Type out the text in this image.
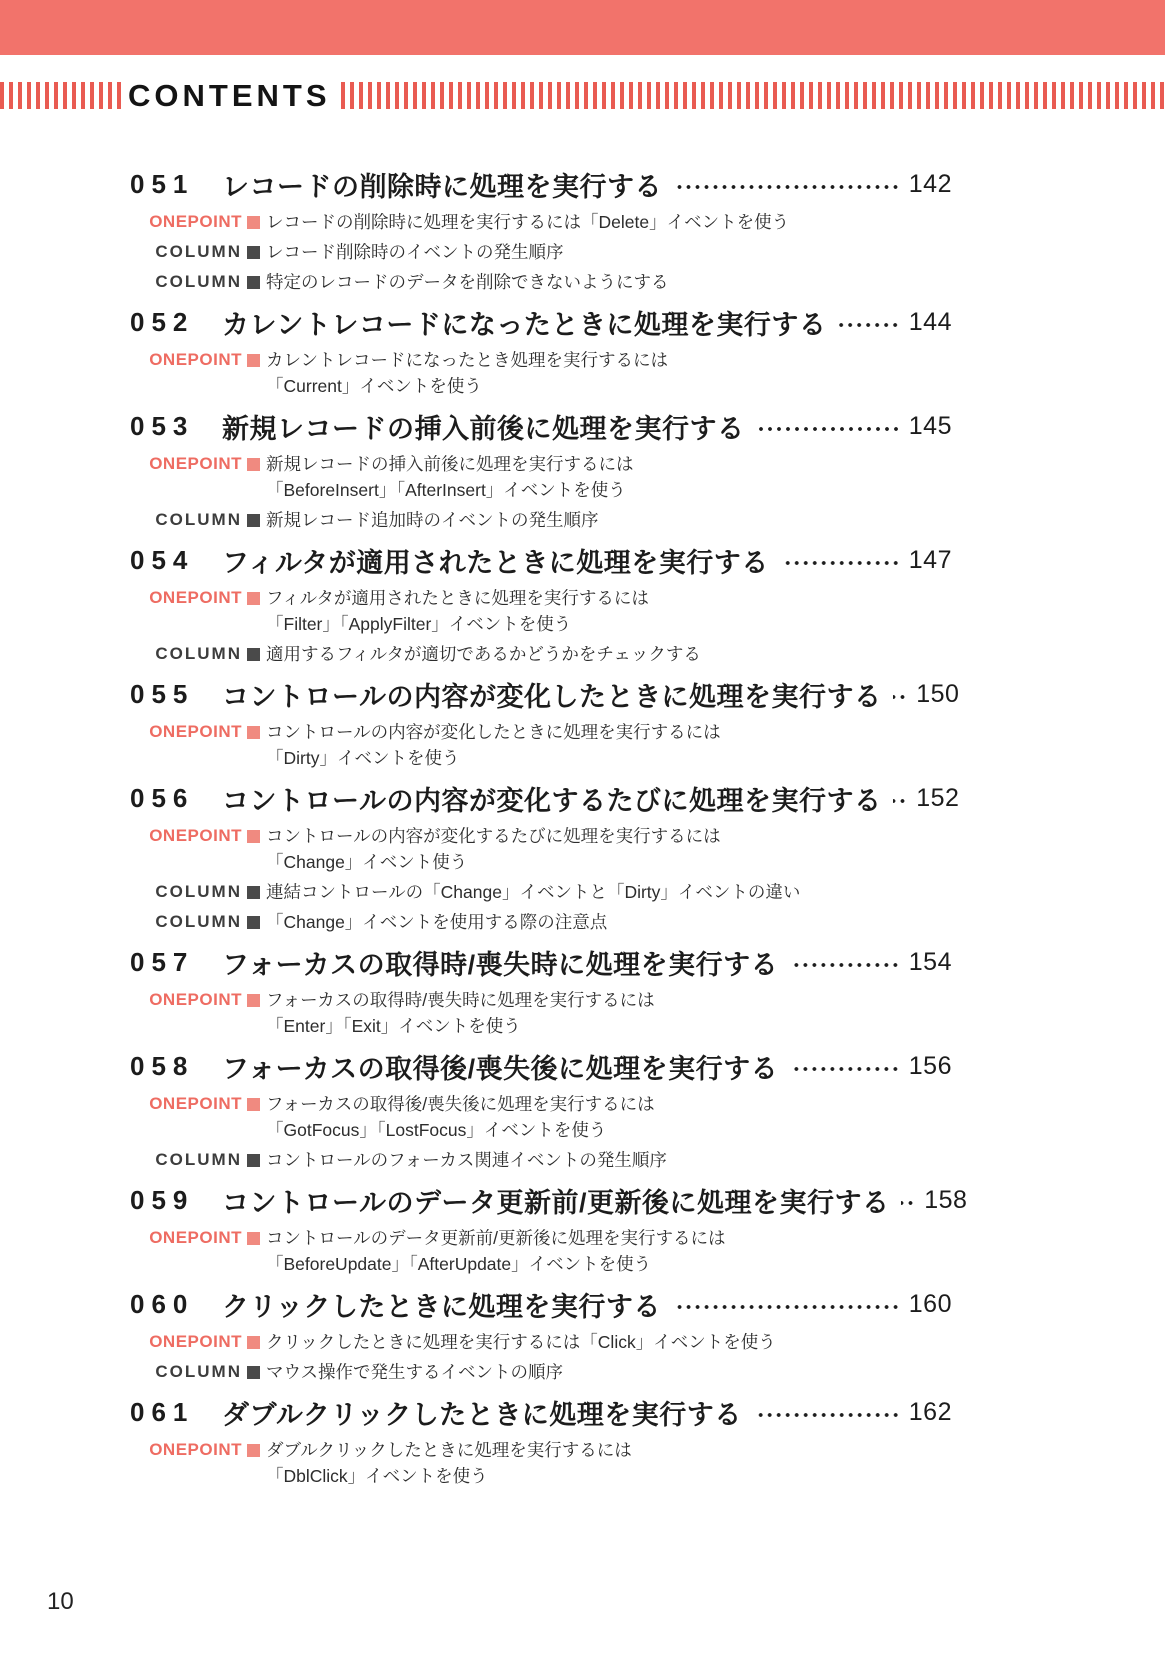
CONTENTS
051	レコードの削除時に処理を実行する	142
ONEPOINT レコードの削除時に処理を実行するには「Delete」イベントを使う
COLUMN レコード削除時のイベントの発生順序
COLUMN 特定のレコードのデータを削除できないようにする
052	カレントレコードになったときに処理を実行する	144
ONEPOINT カレントレコードになったとき処理を実行するには
「Current」イベントを使う
053	新規レコードの挿入前後に処理を実行する	145
ONEPOINT 新規レコードの挿入前後に処理を実行するには
「BeforeInsert」「AfterInsert」イベントを使う
COLUMN 新規レコード追加時のイベントの発生順序
054	フィルタが適用されたときに処理を実行する	147
ONEPOINT フィルタが適用されたときに処理を実行するには
「Filter」「ApplyFilter」イベントを使う
COLUMN 適用するフィルタが適切であるかどうかをチェックする
055	コントロールの内容が変化したときに処理を実行する 150
ONEPOINT コントロールの内容が変化したときに処理を実行するには
「Dirty」イベントを使う
056	コントロールの内容が変化するたびに処理を実行する 152
ONEPOINT コントロールの内容が変化するたびに処理を実行するには
「Change」イベント使う
COLUMN 連結コントロールの「Change」イベントと「Dirty」イベントの違い
COLUMN 「Change」イベントを使用する際の注意点
057	フォーカスの取得時/喪失時に処理を実行する	154
ONEPOINT フォーカスの取得時/喪失時に処理を実行するには
「Enter」「Exit」イベントを使う
058	フォーカスの取得後/喪失後に処理を実行する	156
ONEPOINT フォーカスの取得後/喪失後に処理を実行するには
「GotFocus」「LostFocus」イベントを使う
COLUMN コントロールのフォーカス関連イベントの発生順序
059	コントロールのデータ更新前/更新後に処理を実行する 158
ONEPOINT コントロールのデータ更新前/更新後に処理を実行するには
「BeforeUpdate」「AfterUpdate」イベントを使う
060	クリックしたときに処理を実行する	160
ONEPOINT クリックしたときに処理を実行するには「Click」イベントを使う
COLUMN マウス操作で発生するイベントの順序
061	ダブルクリックしたときに処理を実行する	162
ONEPOINT ダブルクリックしたときに処理を実行するには
「DblClick」イベントを使う
10
